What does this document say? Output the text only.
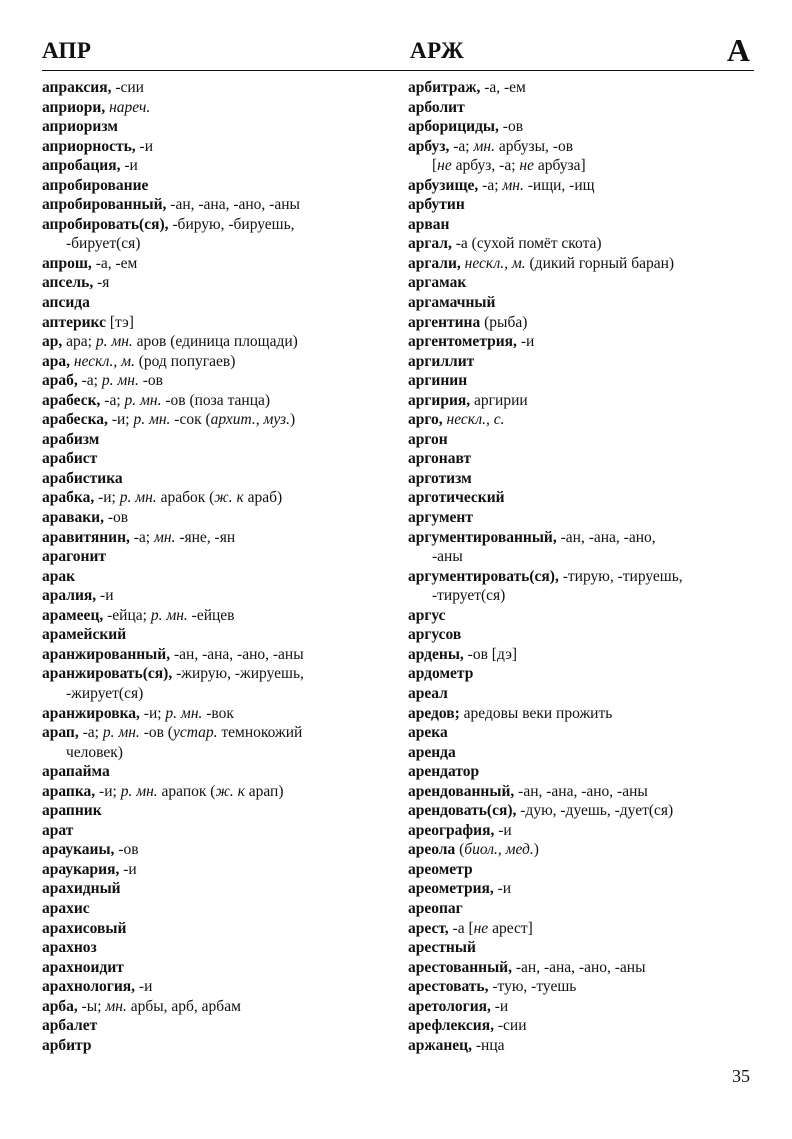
АПР	АРЖ	А
апраксия, -сии
априори, нареч.
априоризм
априорность, -и
апробация, -и
апробирование
апробированный, -ан, -ана, -ано, -аны
апробировать(ся), -бирую, -бируешь,
-бирует(ся)
апрош, -а, -ем
апсель, -я
апсида
аптерикс [тэ]
ар, ара; р. мн. аров (единица площади)
ара, нескл., м. (род попугаев)
араб, -а; р. мн. -ов
арабеск, -а; р. мн. -ов (поза танца)
арабеска, -и; р. мн. -сок (архит., муз.)
арабизм
арабист
арабистика
арабка, -и; р. мн. арабок (ж. к араб)
араваки, -ов
аравитянин, -а; мн. -яне, -ян
арагонит
арак
аралия, -и
арамеец, -ейца; р. мн. -ейцев
арамейский
аранжированный, -ан, -ана, -ано, -аны
аранжировать(ся), -жирую, -жируешь,
-жирует(ся)
аранжировка, -и; р. мн. -вок
арап, -а; р. мн. -ов (устар. темнокожий
человек)
арапайма
арапка, -и; р. мн. арапок (ж. к арап)
арапник
арат
араукаиы, -ов
араукария, -и
арахидный
арахис
арахисовый
арахноз
арахноидит
арахнология, -и
арба, -ы; мн. арбы, арб, арбам
арбалет
арбитр
арбитраж, -а, -ем
арболит
арборициды, -ов
арбуз, -а; мн. арбузы, -ов
[не арбуз, -а; не арбуза]
арбузище, -а; мн. -ищи, -ищ
арбутин
арван
аргал, -а (сухой помёт скота)
аргали, нескл., м. (дикий горный баран)
аргамак
аргамачный
аргентина (рыба)
аргентометрия, -и
аргиллит
аргинин
аргирия, аргирии
арго, нескл., с.
аргон
аргонавт
арготизм
арготический
аргумент
аргументированный, -ан, -ана, -ано,
-аны
аргументировать(ся), -тирую, -тируешь,
-тирует(ся)
аргус
аргусов
ардены, -ов [дэ]
ардометр
ареал
аредов; аредовы веки прожить
арека
аренда
арендатор
арендованный, -ан, -ана, -ано, -аны
арендовать(ся), -дую, -дуешь, -дует(ся)
ареография, -и
ареола (биол., мед.)
ареометр
ареометрия, -и
ареопаг
арест, -а [не арест]
арестный
арестованный, -ан, -ана, -ано, -аны
арестовать, -тую, -туешь
аретология, -и
арефлексия, -сии
аржанец, -нца
35
